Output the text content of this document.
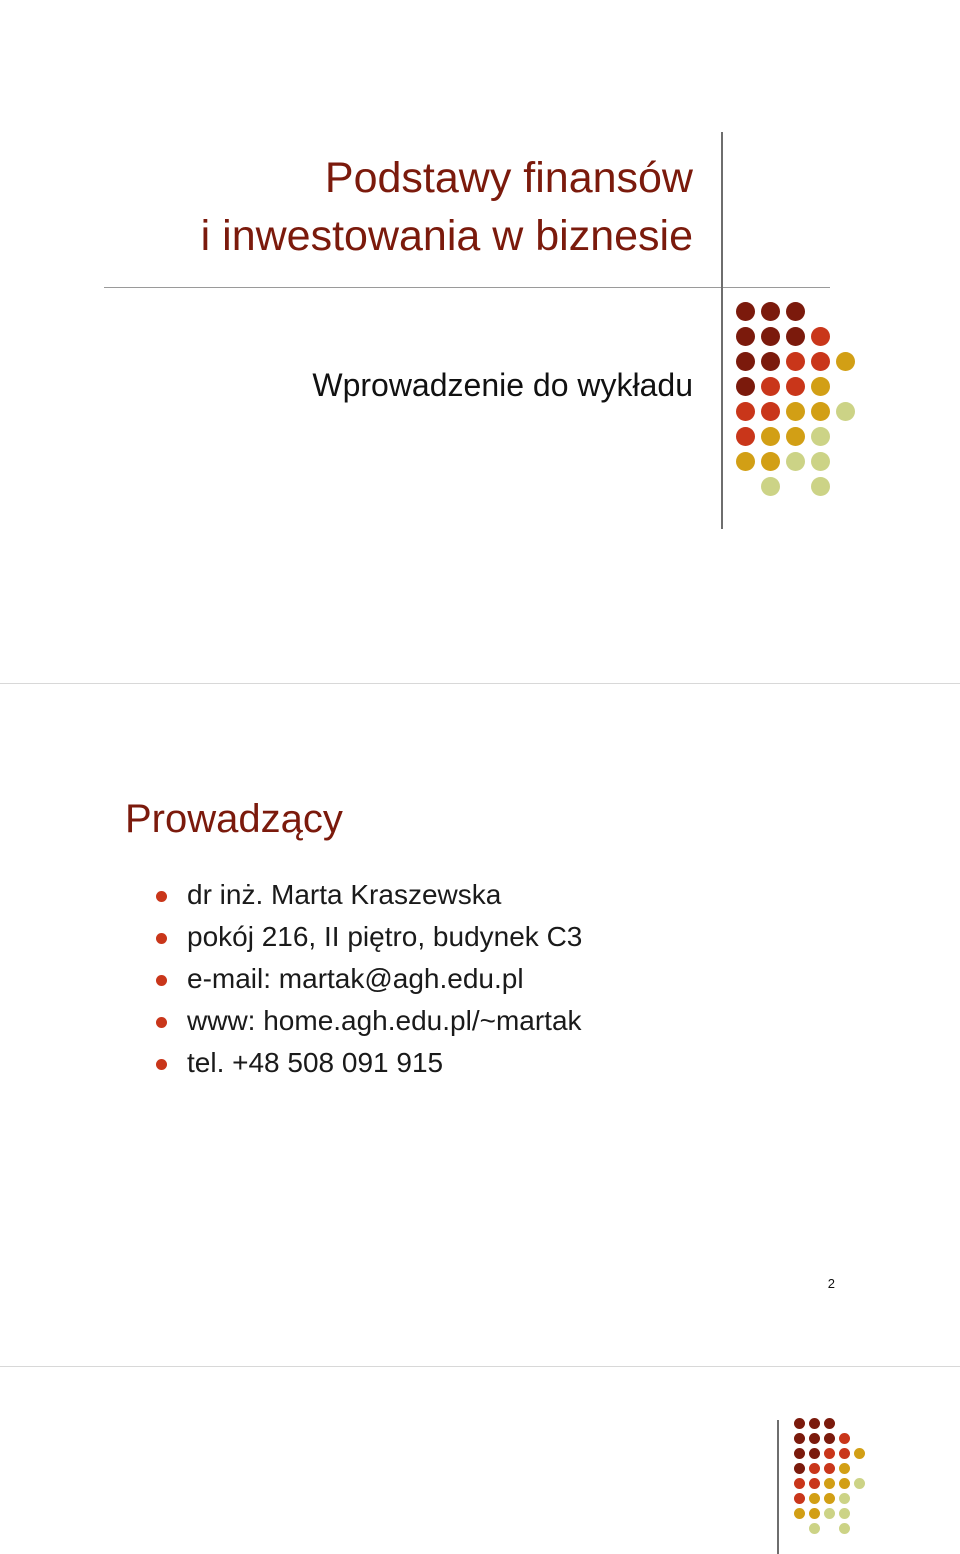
Podstawy finansów
i inwestowania w biznesie

Wprowadzenie do wykładu

Prowadzący
dr inż. Marta Kraszewska
pokój 216, II piętro, budynek C3
e-mail: martak@agh.edu.pl
www: home.agh.edu.pl/~martak
tel. +48 508 091 915
2
